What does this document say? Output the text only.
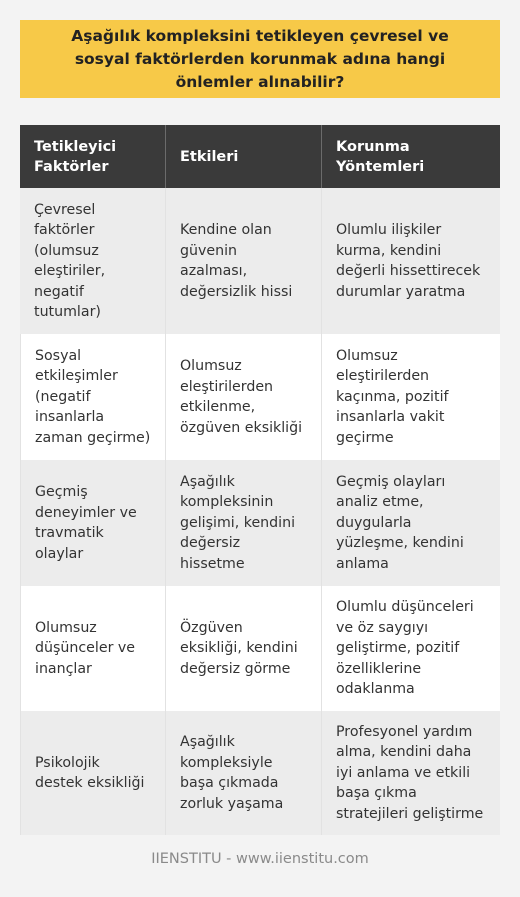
Aşağılık kompleksini tetikleyen çevresel ve sosyal faktörlerden korunmak adına hangi önlemler alınabilir?
Tetikleyici Faktörler
Etkileri
Korunma Yöntemleri
Çevresel faktörler (olumsuz eleştiriler, negatif tutumlar)
Kendine olan güvenin azalması, değersizlik hissi
Olumlu ilişkiler kurma, kendini değerli hissettirecek durumlar yaratma
Sosyal etkileşimler (negatif insanlarla zaman geçirme)
Olumsuz eleştirilerden etkilenme, özgüven eksikliği
Olumsuz eleştirilerden kaçınma, pozitif insanlarla vakit geçirme
Geçmiş deneyimler ve travmatik olaylar
Aşağılık kompleksinin gelişimi, kendini değersiz hissetme
Geçmiş olayları analiz etme, duygularla yüzleşme, kendini anlama
Olumsuz düşünceler ve inançlar
Özgüven eksikliği, kendini değersiz görme
Olumlu düşünceleri ve öz saygıyı geliştirme, pozitif özelliklerine odaklanma
Psikolojik destek eksikliği
Aşağılık kompleksiyle başa çıkmada zorluk yaşama
Profesyonel yardım alma, kendini daha iyi anlama ve etkili başa çıkma stratejileri geliştirme
IIENSTITU - www.iienstitu.com
